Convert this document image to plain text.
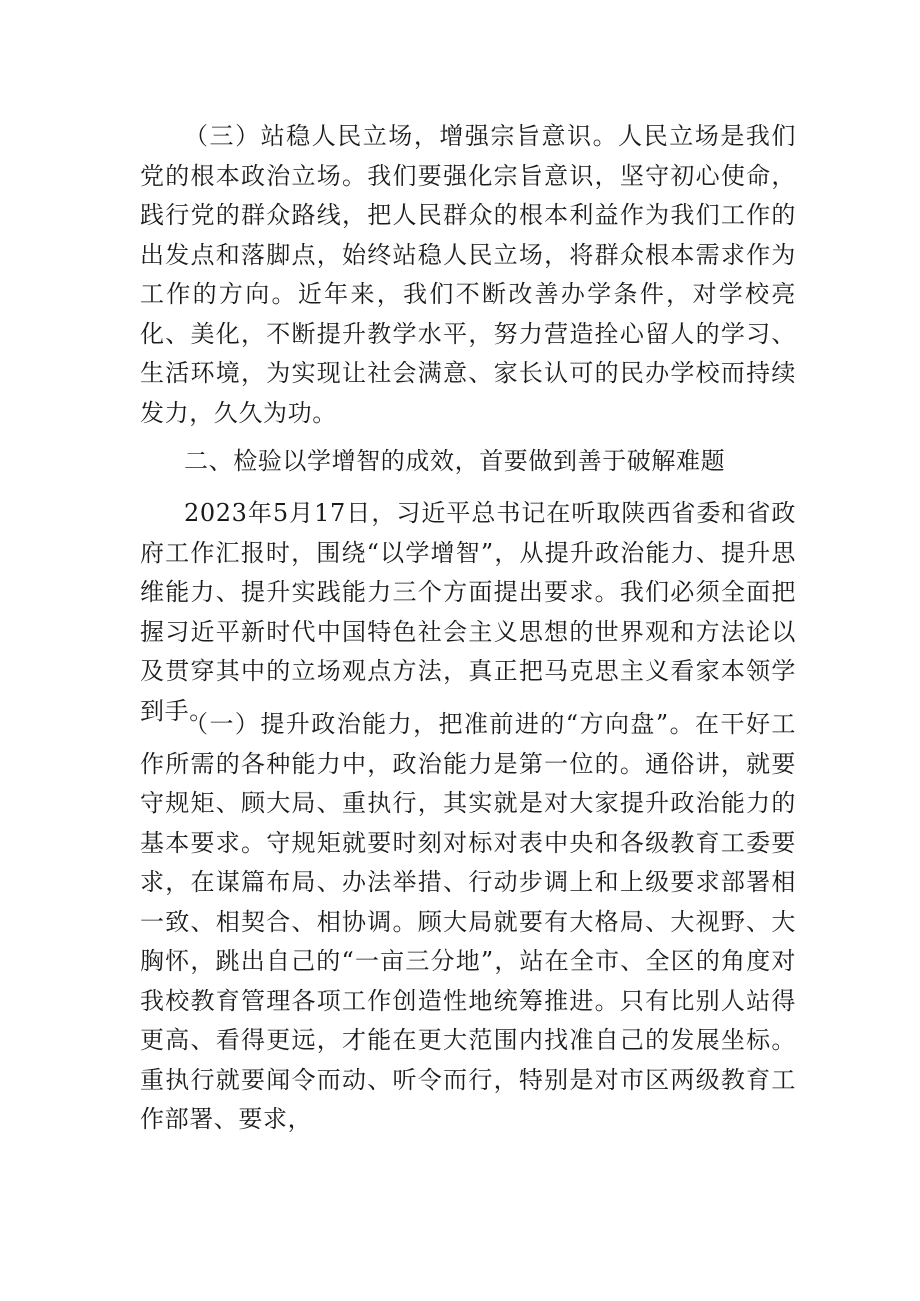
（三）站稳人民立场，增强宗旨意识。人民立场是我们党的根本政治立场。我们要强化宗旨意识，坚守初心使命，践行党的群众路线，把人民群众的根本利益作为我们工作的出发点和落脚点，始终站稳人民立场，将群众根本需求作为工作的方向。近年来，我们不断改善办学条件，对学校亮化、美化，不断提升教学水平，努力营造拴心留人的学习、生活环境，为实现让社会满意、家长认可的民办学校而持续发力，久久为功。

二、检验以学增智的成效，首要做到善于破解难题

2023年5月17日，习近平总书记在听取陕西省委和省政府工作汇报时，围绕“以学增智”，从提升政治能力、提升思维能力、提升实践能力三个方面提出要求。我们必须全面把握习近平新时代中国特色社会主义思想的世界观和方法论以及贯穿其中的立场观点方法，真正把马克思主义看家本领学到手。

（一）提升政治能力，把准前进的“方向盘”。在干好工作所需的各种能力中，政治能力是第一位的。通俗讲，就要守规矩、顾大局、重执行，其实就是对大家提升政治能力的基本要求。守规矩就要时刻对标对表中央和各级教育工委要求，在谋篇布局、办法举措、行动步调上和上级要求部署相一致、相契合、相协调。顾大局就要有大格局、大视野、大胸怀，跳出自己的“一亩三分地”，站在全市、全区的角度对我校教育管理各项工作创造性地统筹推进。只有比别人站得更高、看得更远，才能在更大范围内找准自己的发展坐标。重执行就要闻令而动、听令而行，特别是对市区两级教育工作部署、要求，
